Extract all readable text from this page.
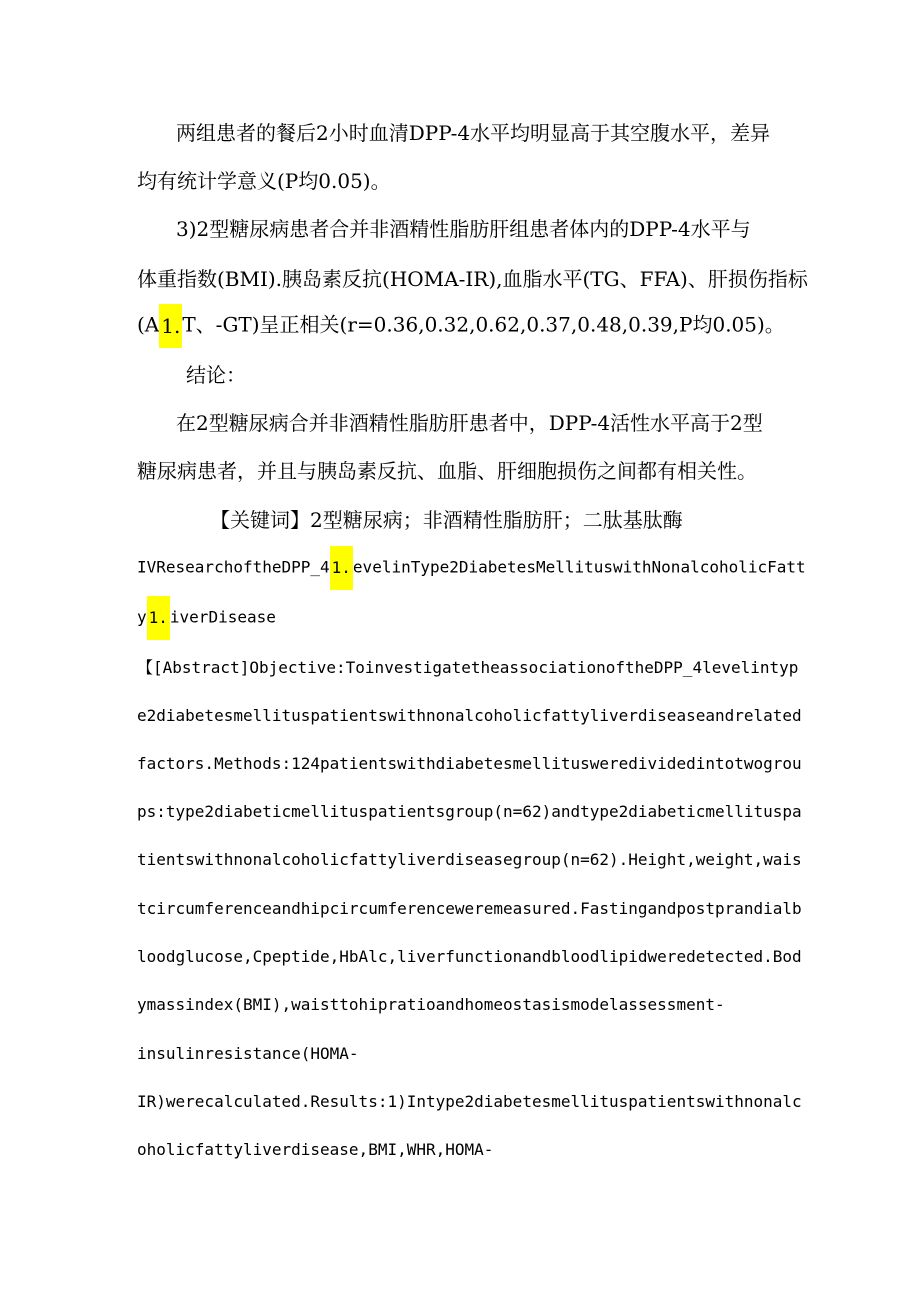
两组患者的餐后2小时血清DPP-4水平均明显高于其空腹水平，差异
均有统计学意义(P均0.05)。
3)2型糖尿病患者合并非酒精性脂肪肝组患者体内的DPP-4水平与
体重指数(BMI).胰岛素反抗(HOMA-IR),血脂水平(TG、FFA)、肝损伤指标
(A 1. T、-GT)呈正相关(r=0.36,0.32,0.62,0.37,0.48,0.39,P均0.05)。
结论：
在2型糖尿病合并非酒精性脂肪肝患者中，DPP-4活性水平高于2型
糖尿病患者，并且与胰岛素反抗、血脂、肝细胞损伤之间都有相关性。
【关键词】2型糖尿病；非酒精性脂肪肝；二肽基肽酶
IVResearchoftheDPP_4 1. evelinType2DiabetesMellituswithNonalcoholicFatt
y 1. iverDisease
【[Abstract]Objective:ToinvestigatetheassociationoftheDPP_4levelintyp
e2diabetesmellituspatientswithnonalcoholicfattyliverdiseaseandrelated
factors.Methods:124patientswithdiabetesmellitusweredividedintotwogrou
ps:type2diabeticmellituspatientsgroup(n=62)andtype2diabeticmellituspa
tientswithnonalcoholicfattyliverdiseasegroup(n=62).Height,weight,wais
tcircumferenceandhipcircumferenceweremeasured.Fastingandpostprandialb
loodglucose,Cpeptide,HbAlc,liverfunctionandbloodlipidweredetected.Bod
ymassindex(BMI),waisttohipratioandhomeostasismodelassessment-
insulinresistance(HOMA-
IR)werecalculated.Results:1)Intype2diabetesmellituspatientswithnonalc
oholicfattyliverdisease,BMI,WHR,HOMA-
